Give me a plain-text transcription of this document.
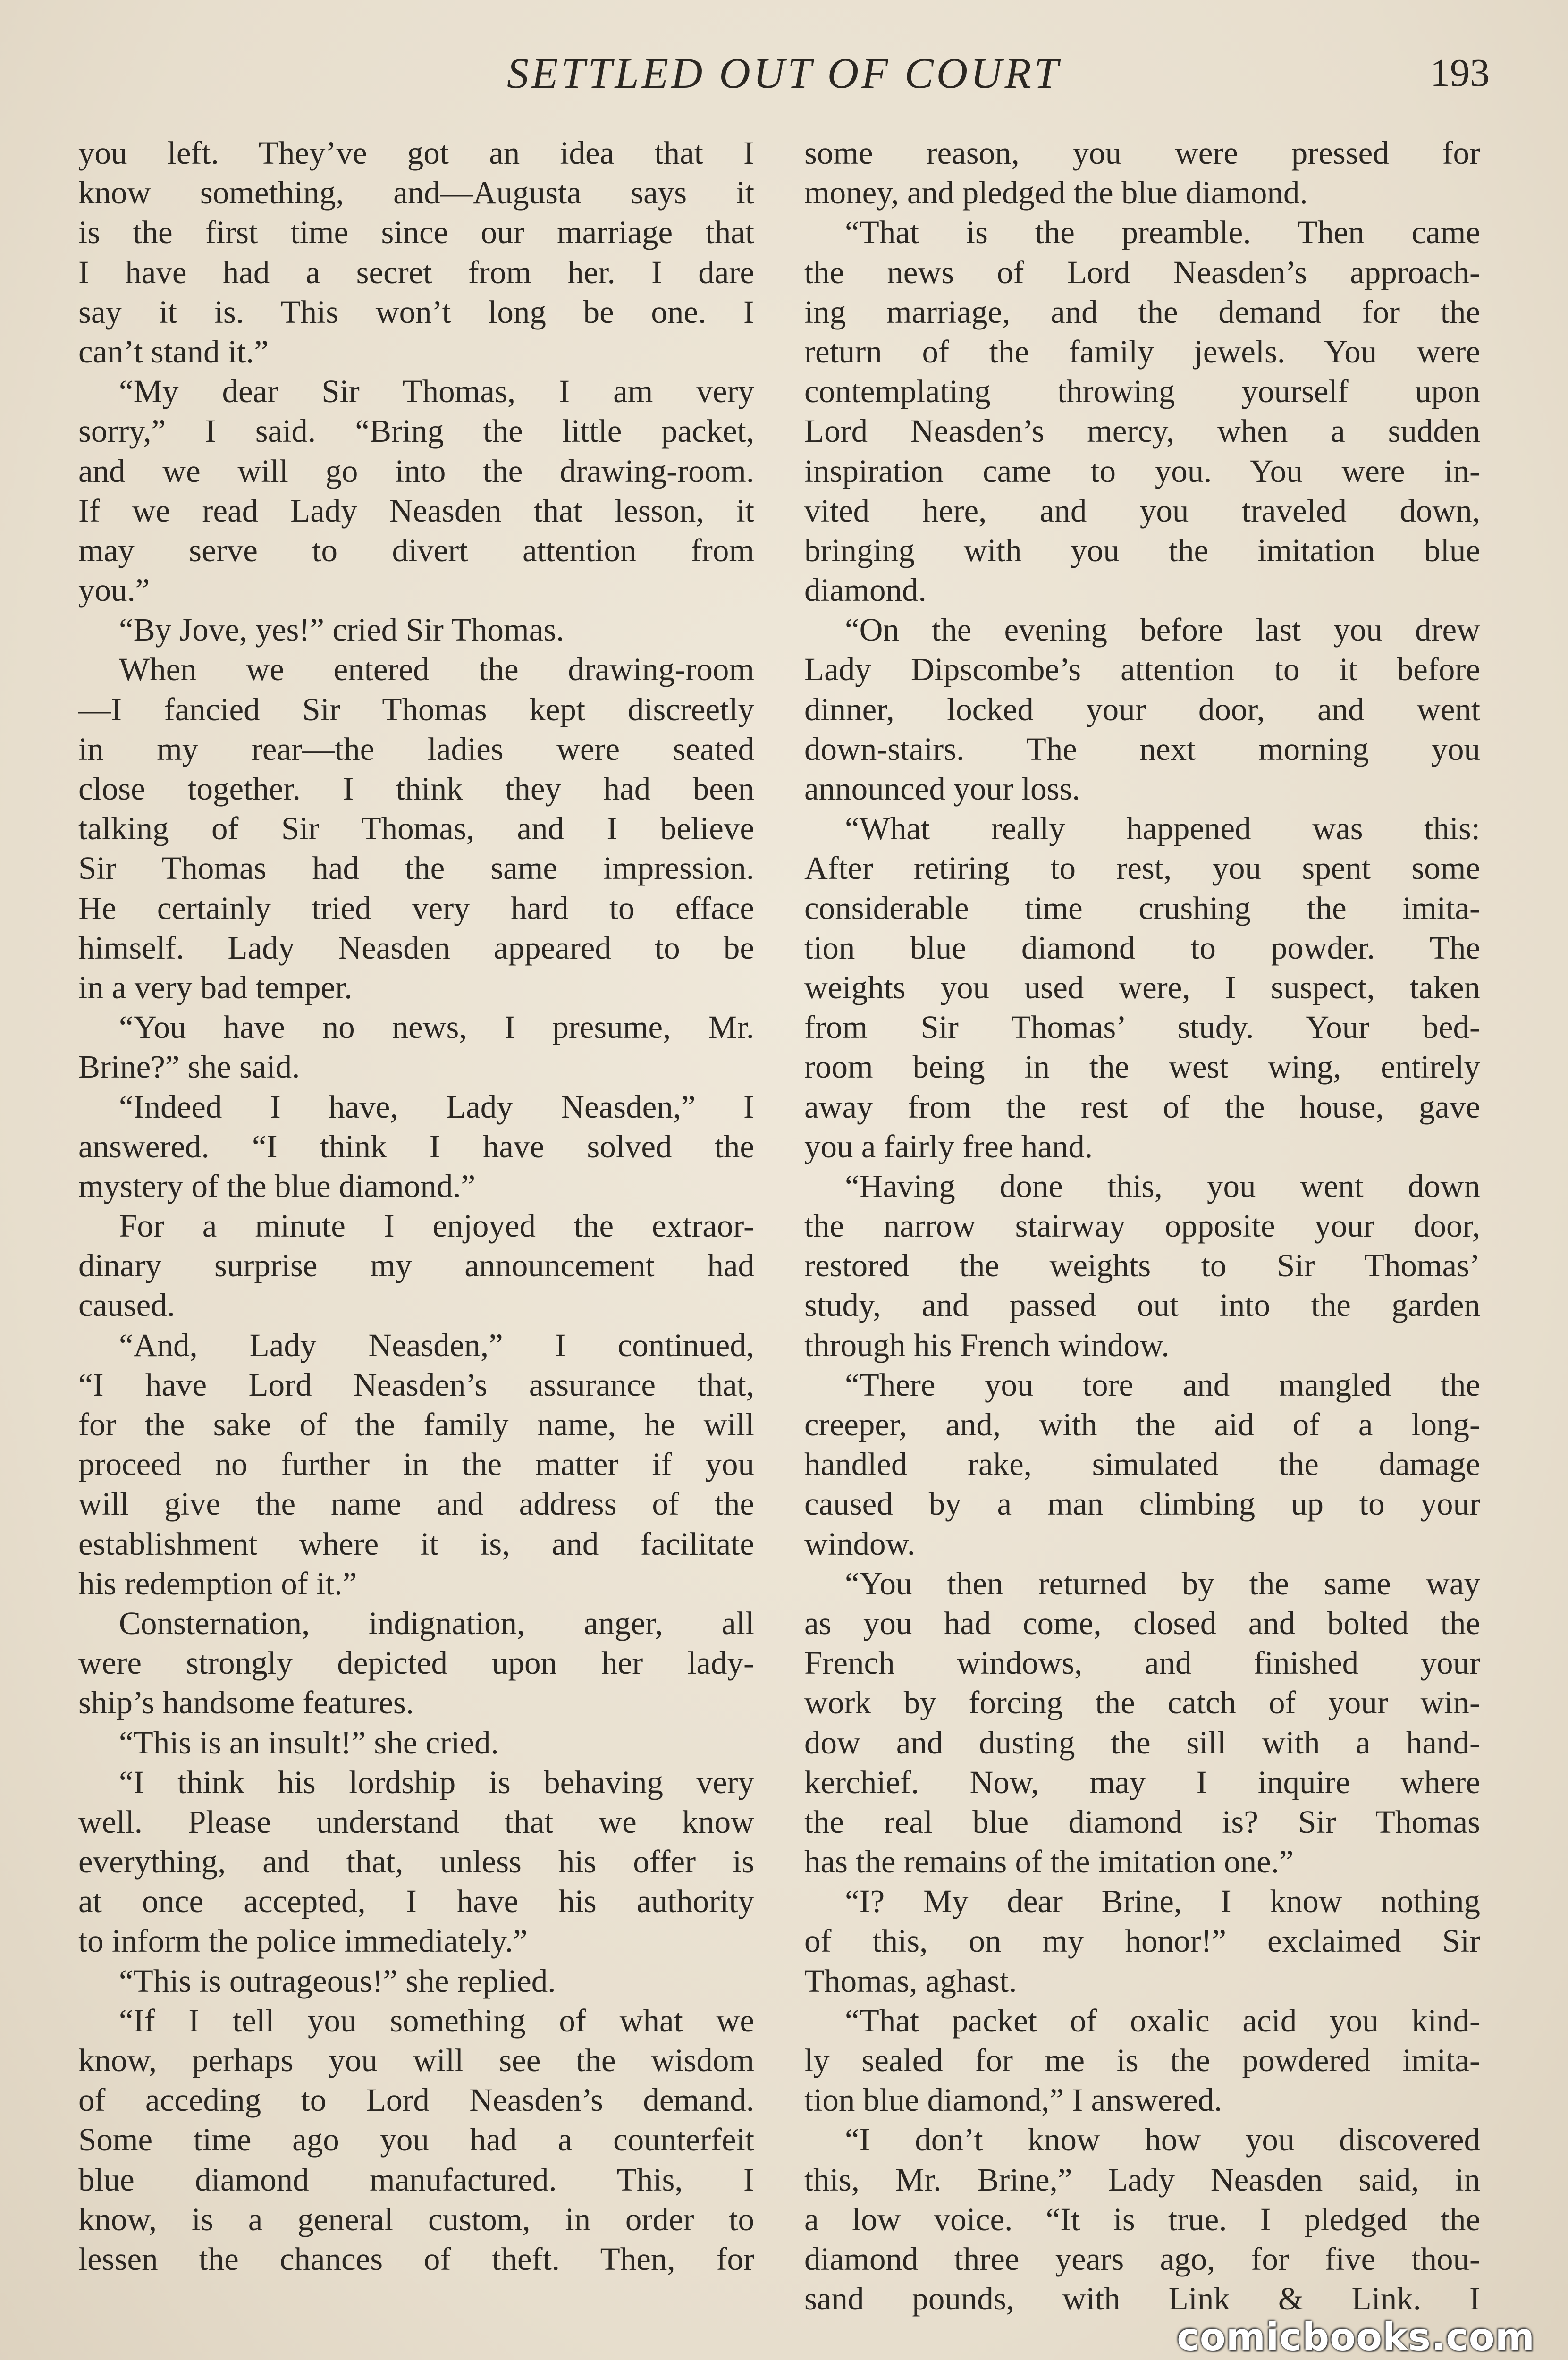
SETTLED OUT OF COURT	193
you left. They’ve got an idea that I
know something, and—Augusta says it
is the first time since our marriage that
I have had a secret from her. I dare
say it is. This won’t long be one. I
can’t stand it.”
“My dear Sir Thomas, I am very
sorry,” I said. “Bring the little packet,
and we will go into the drawing-room.
If we read Lady Neasden that lesson, it
may serve to divert attention from
you.”
“By Jove, yes!” cried Sir Thomas.
When we entered the drawing-room
—I fancied Sir Thomas kept discreetly
in my rear—the ladies were seated
close together. I think they had been
talking of Sir Thomas, and I believe
Sir Thomas had the same impression.
He certainly tried very hard to efface
himself. Lady Neasden appeared to be
in a very bad temper.
“You have no news, I presume, Mr.
Brine?” she said.
“Indeed I have, Lady Neasden,” I
answered. “I think I have solved the
mystery of the blue diamond.”
For a minute I enjoyed the extraor-
dinary surprise my announcement had
caused.
“And, Lady Neasden,” I continued,
“I have Lord Neasden’s assurance that,
for the sake of the family name, he will
proceed no further in the matter if you
will give the name and address of the
establishment where it is, and facilitate
his redemption of it.”
Consternation, indignation, anger, all
were strongly depicted upon her lady-
ship’s handsome features.
“This is an insult!” she cried.
“I think his lordship is behaving very
well. Please understand that we know
everything, and that, unless his offer is
at once accepted, I have his authority
to inform the police immediately.”
“This is outrageous!” she replied.
“If I tell you something of what we
know, perhaps you will see the wisdom
of acceding to Lord Neasden’s demand.
Some time ago you had a counterfeit
blue diamond manufactured. This, I
know, is a general custom, in order to
lessen the chances of theft. Then, for
some reason, you were pressed for
money, and pledged the blue diamond.
“That is the preamble. Then came
the news of Lord Neasden’s approach-
ing marriage, and the demand for the
return of the family jewels. You were
contemplating throwing yourself upon
Lord Neasden’s mercy, when a sudden
inspiration came to you. You were in-
vited here, and you traveled down,
bringing with you the imitation blue
diamond.
“On the evening before last you drew
Lady Dipscombe’s attention to it before
dinner, locked your door, and went
down-stairs. The next morning you
announced your loss.
“What really happened was this:
After retiring to rest, you spent some
considerable time crushing the imita-
tion blue diamond to powder. The
weights you used were, I suspect, taken
from Sir Thomas’ study. Your bed-
room being in the west wing, entirely
away from the rest of the house, gave
you a fairly free hand.
“Having done this, you went down
the narrow stairway opposite your door,
restored the weights to Sir Thomas’
study, and passed out into the garden
through his French window.
“There you tore and mangled the
creeper, and, with the aid of a long-
handled rake, simulated the damage
caused by a man climbing up to your
window.
“You then returned by the same way
as you had come, closed and bolted the
French windows, and finished your
work by forcing the catch of your win-
dow and dusting the sill with a hand-
kerchief. Now, may I inquire where
the real blue diamond is? Sir Thomas
has the remains of the imitation one.”
“I? My dear Brine, I know nothing
of this, on my honor!” exclaimed Sir
Thomas, aghast.
“That packet of oxalic acid you kind-
ly sealed for me is the powdered imita-
tion blue diamond,” I answered.
“I don’t know how you discovered
this, Mr. Brine,” Lady Neasden said, in
a low voice. “It is true. I pledged the
diamond three years ago, for five thou-
sand pounds, with Link & Link. I
comicbooks.com
